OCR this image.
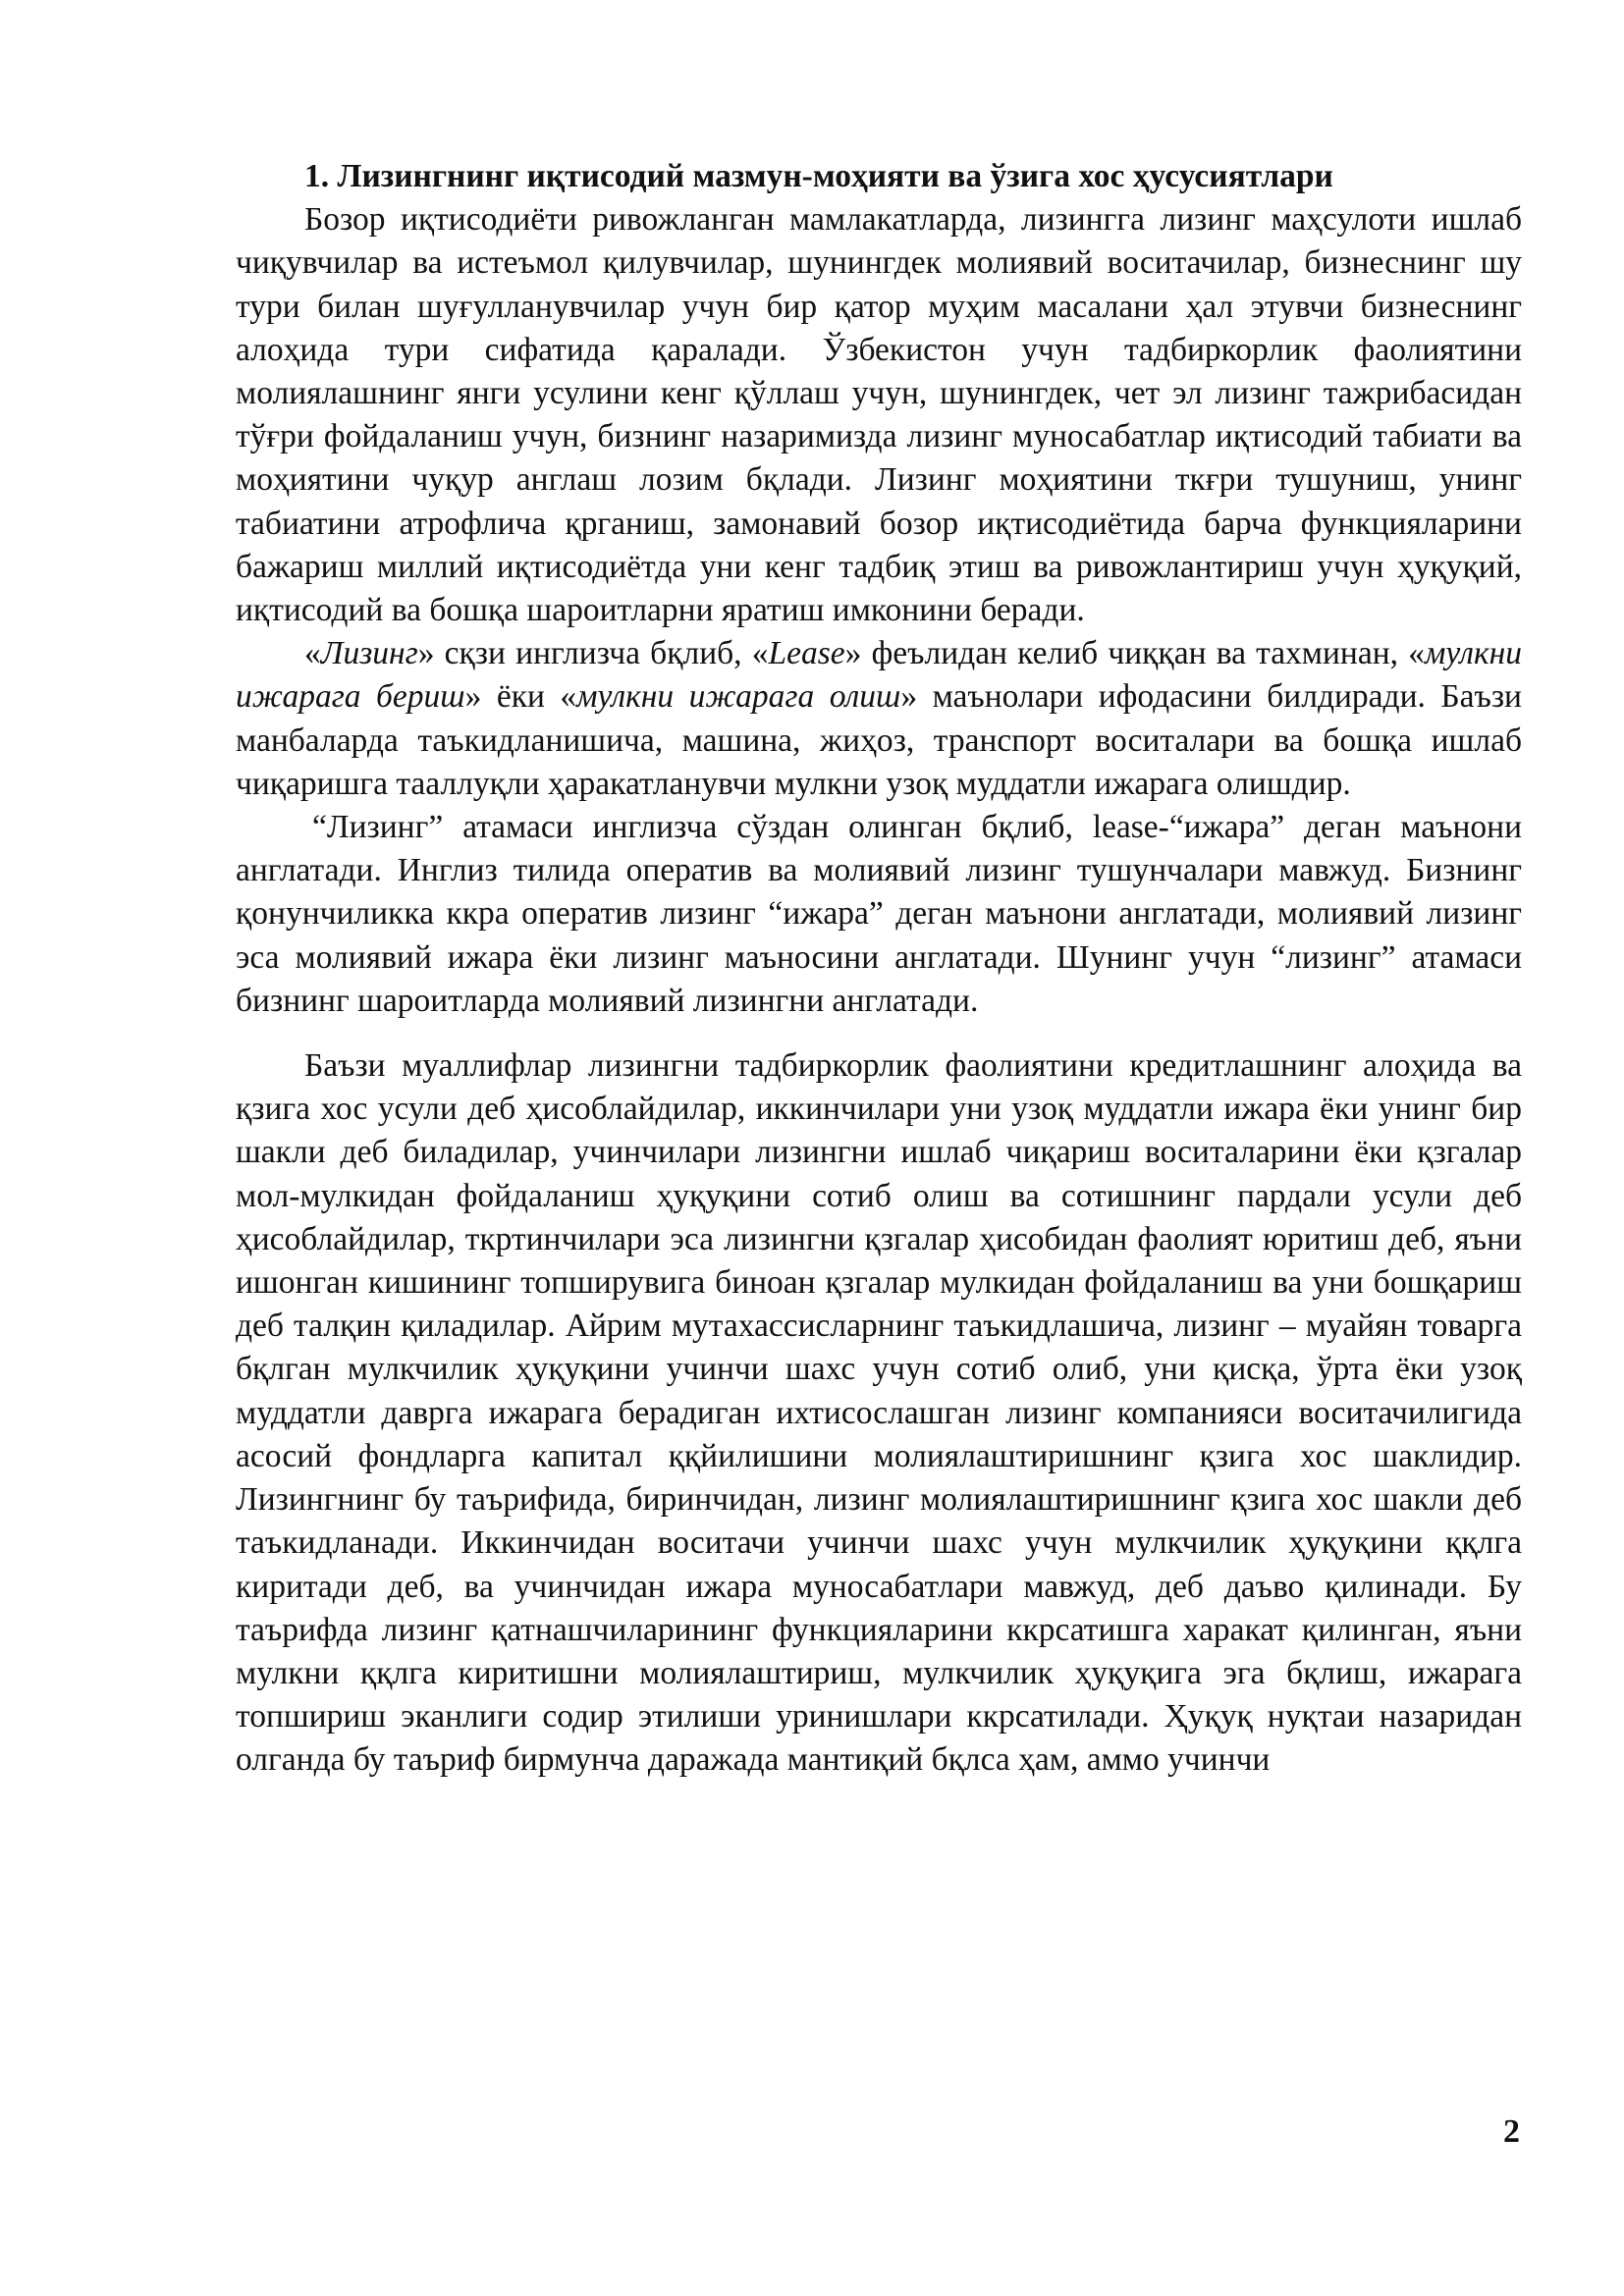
1. Лизингнинг иқтисодий мазмун-моҳияти ва ўзига хос ҳусусиятлари

Бозор иқтисодиёти ривожланган мамлакатларда, лизингга лизинг маҳсулоти ишлаб чиқувчилар ва истеъмол қилувчилар, шунингдек молиявий воситачилар, бизнеснинг шу тури билан шуғулланувчилар учун бир қатор муҳим масалани ҳал этувчи бизнеснинг алоҳида тури сифатида қаралади. Ўзбекистон учун тадбиркорлик фаолиятини молиялашнинг янги усулини кенг қўллаш учун, шунингдек, чет эл лизинг тажрибасидан тўғри фойдаланиш учун, бизнинг назаримизда лизинг муносабатлар иқтисодий табиати ва моҳиятини чуқур англаш лозим бқлади. Лизинг моҳиятини ткғри тушуниш, унинг табиатини атрофлича қрганиш, замонавий бозор иқтисодиётида барча функцияларини бажариш миллий иқтисодиётда уни кенг тадбиқ этиш ва ривожлантириш учун ҳуқуқий, иқтисодий ва бошқа шароитларни яратиш имконини беради.

«Лизинг» сқзи инглизча бқлиб, «Lease» феълидан келиб чиққан ва тахминан, «мулкни ижарага бериш» ёки «мулкни ижарага олиш» маънолари ифодасини билдиради. Баъзи манбаларда таъкидланишича, машина, жиҳоз, транспорт воситалари ва бошқа ишлаб чиқаришга тааллуқли ҳаракатланувчи мулкни узоқ муддатли ижарага олишдир.

“Лизинг” атамаси инглизча сўздан олинган бқлиб, lease-“ижара” деган маънони англатади. Инглиз тилида оператив ва молиявий лизинг тушунчалари мавжуд. Бизнинг қонунчиликка ккра оператив лизинг “ижара” деган маънони англатади, молиявий лизинг эса молиявий ижара ёки лизинг маъносини англатади. Шунинг учун “лизинг” атамаси бизнинг шароитларда молиявий лизингни англатади.

Баъзи муаллифлар лизингни тадбиркорлик фаолиятини кредитлашнинг алоҳида ва қзига хос усули деб ҳисоблайдилар, иккинчилари уни узоқ муддатли ижара ёки унинг бир шакли деб биладилар, учинчилари лизингни ишлаб чиқариш воситаларини ёки қзгалар мол-мулкидан фойдаланиш ҳуқуқини сотиб олиш ва сотишнинг пардали усули деб ҳисоблайдилар, ткртинчилари эса лизингни қзгалар ҳисобидан фаолият юритиш деб, яъни ишонган кишининг топширувига биноан қзгалар мулкидан фойдаланиш ва уни бошқариш деб талқин қиладилар. Айрим мутахассисларнинг таъкидлашича, лизинг – муайян товарга бқлган мулкчилик ҳуқуқини учинчи шахс учун сотиб олиб, уни қисқа, ўрта ёки узоқ муддатли даврга ижарага берадиган ихтисослашган лизинг компанияси воситачилигида асосий фондларга капитал ққйилишини молиялаштиришнинг қзига хос шаклидир. Лизингнинг бу таърифида, биринчидан, лизинг молиялаштиришнинг қзига хос шакли деб таъкидланади. Иккинчидан воситачи учинчи шахс учун мулкчилик ҳуқуқини ққлга киритади деб, ва учинчидан ижара муносабатлари мавжуд, деб даъво қилинади. Бу таърифда лизинг қатнашчиларининг функцияларини ккрсатишга харакат қилинган, яъни мулкни ққлга киритишни молиялаштириш, мулкчилик ҳуқуқига эга бқлиш, ижарага топшириш эканлиги содир этилиши уринишлари ккрсатилади. Ҳуқуқ нуқтаи назаридан олганда бу таъриф бирмунча даражада мантиқий бқлса ҳам, аммо учинчи

2
